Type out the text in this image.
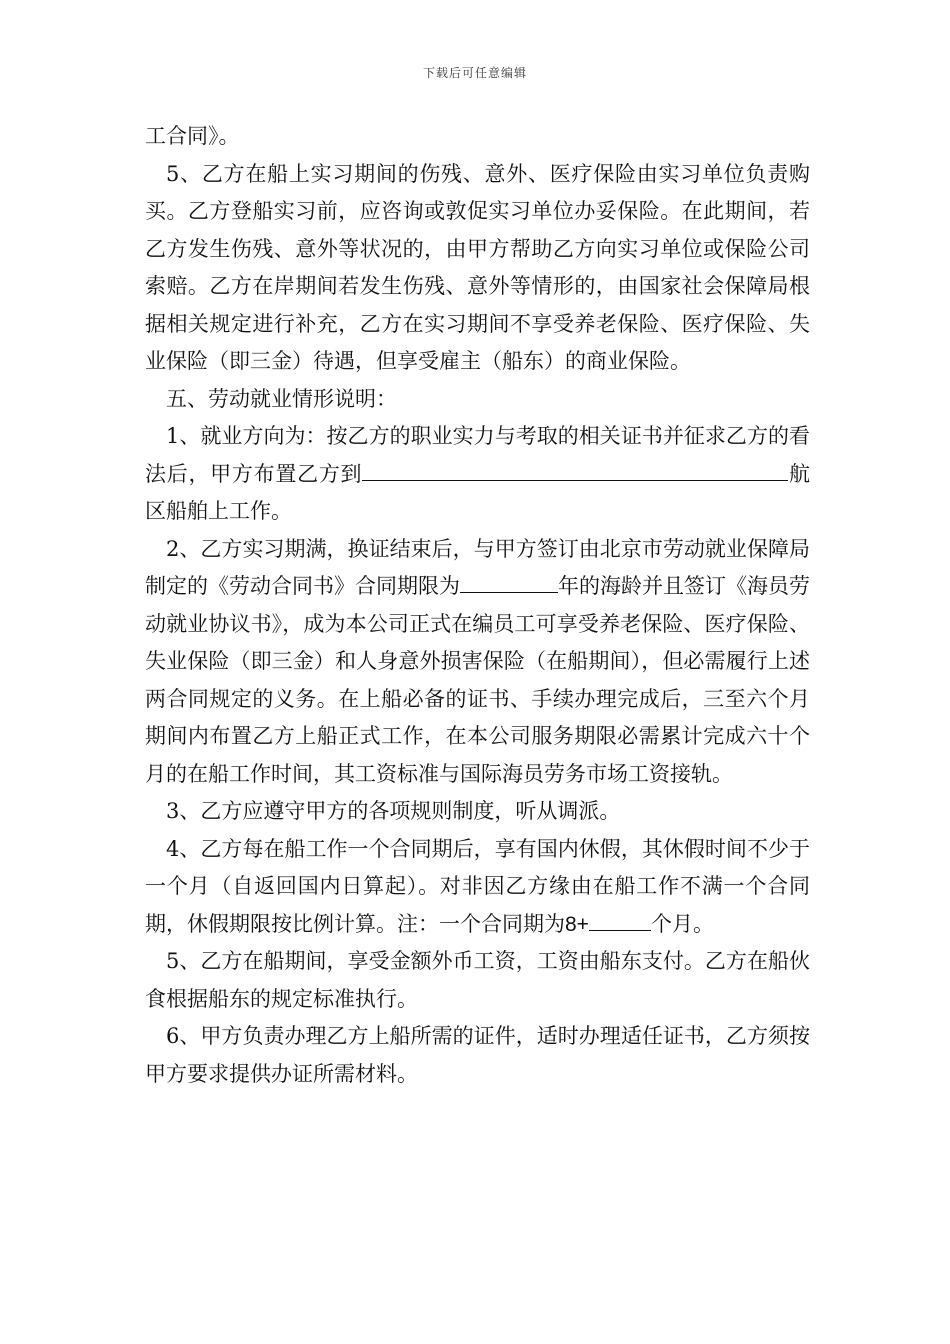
下载后可任意编辑

工合同》。

5、乙方在船上实习期间的伤残、意外、医疗保险由实习单位负责购买。乙方登船实习前，应咨询或敦促实习单位办妥保险。在此期间，若乙方发生伤残、意外等状况的，由甲方帮助乙方向实习单位或保险公司索赔。乙方在岸期间若发生伤残、意外等情形的，由国家社会保障局根据相关规定进行补充，乙方在实习期间不享受养老保险、医疗保险、失业保险（即三金）待遇，但享受雇主（船东）的商业保险。

五、劳动就业情形说明：

1、就业方向为：按乙方的职业实力与考取的相关证书并征求乙方的看法后，甲方布置乙方到	航区船舶上工作。

2、乙方实习期满，换证结束后，与甲方签订由北京市劳动就业保障局制定的《劳动合同书》合同期限为	年的海龄并且签订《海员劳动就业协议书》，成为本公司正式在编员工可享受养老保险、医疗保险、失业保险（即三金）和人身意外损害保险（在船期间），但必需履行上述两合同规定的义务。在上船必备的证书、手续办理完成后，三至六个月期间内布置乙方上船正式工作，在本公司服务期限必需累计完成六十个月的在船工作时间，其工资标准与国际海员劳务市场工资接轨。

3、乙方应遵守甲方的各项规则制度，听从调派。

4、乙方每在船工作一个合同期后，享有国内休假，其休假时间不少于一个月（自返回国内日算起）。对非因乙方缘由在船工作不满一个合同期，休假期限按比例计算。注：一个合同期为8+	个月。

5、乙方在船期间，享受金额外币工资，工资由船东支付。乙方在船伙食根据船东的规定标准执行。

6、甲方负责办理乙方上船所需的证件，适时办理适任证书，乙方须按甲方要求提供办证所需材料。
